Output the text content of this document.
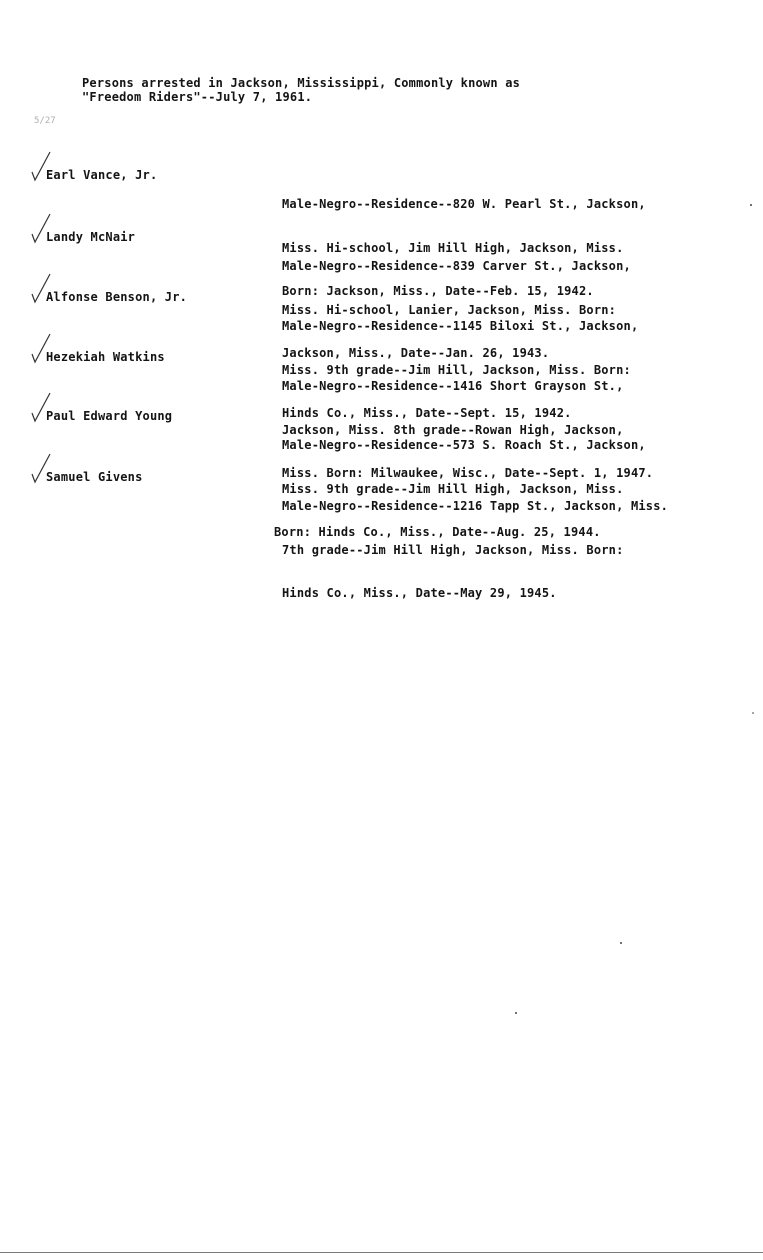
Persons arrested in Jackson, Mississippi, Commonly known as
"Freedom Riders"--July 7, 1961.
5/27
Earl Vance, Jr.

Male-Negro--Residence--820 W. Pearl St., Jackson,

Miss. Hi-school, Jim Hill High, Jackson, Miss.

Born: Jackson, Miss., Date--Feb. 15, 1942.

Landy McNair

Male-Negro--Residence--839 Carver St., Jackson,

Miss. Hi-school, Lanier, Jackson, Miss. Born:

Jackson, Miss., Date--Jan. 26, 1943.

Alfonse Benson, Jr.

Male-Negro--Residence--1145 Biloxi St., Jackson,

Miss. 9th grade--Jim Hill, Jackson, Miss. Born:

Hinds Co., Miss., Date--Sept. 15, 1942.

Hezekiah Watkins

Male-Negro--Residence--1416 Short Grayson St.,

Jackson, Miss. 8th grade--Rowan High, Jackson,

Miss. Born: Milwaukee, Wisc., Date--Sept. 1, 1947.

Paul Edward Young

Male-Negro--Residence--573 S. Roach St., Jackson,

Miss. 9th grade--Jim Hill High, Jackson, Miss.

Born: Hinds Co., Miss., Date--Aug. 25, 1944.

Samuel Givens

Male-Negro--Residence--1216 Tapp St., Jackson, Miss.

7th grade--Jim Hill High, Jackson, Miss. Born:

Hinds Co., Miss., Date--May 29, 1945.
